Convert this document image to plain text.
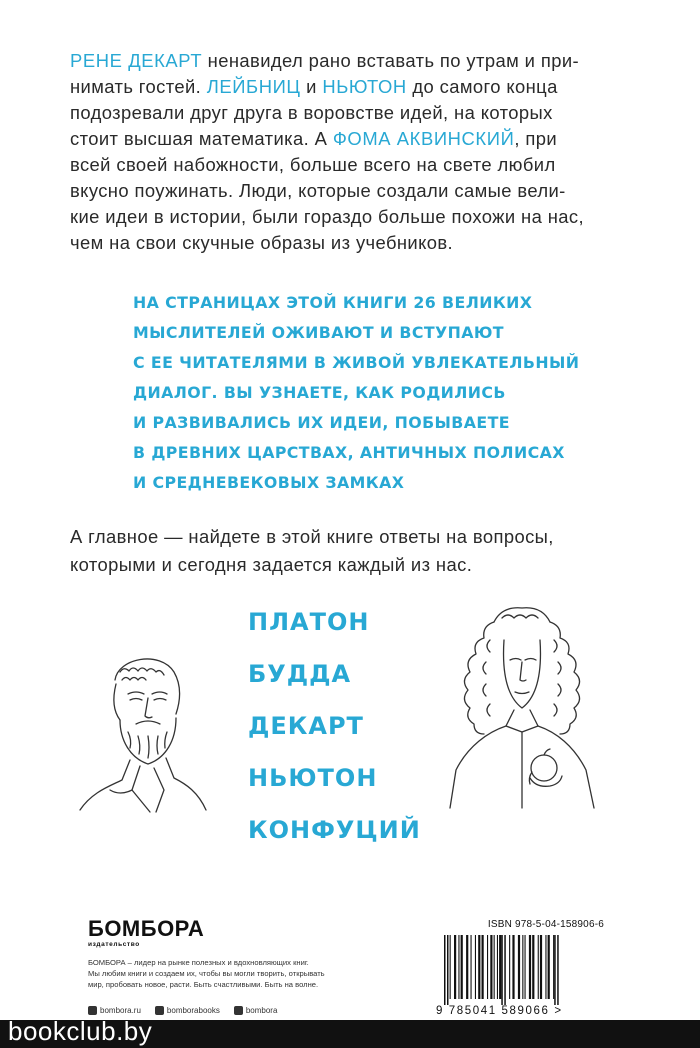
РЕНЕ ДЕКАРТ ненавидел рано вставать по утрам и при-
нимать гостей. ЛЕЙБНИЦ и НЬЮТОН до самого конца
подозревали друг друга в воровстве идей, на которых
стоит высшая математика. А ФОМА АКВИНСКИЙ, при
всей своей набожности, больше всего на свете любил
вкусно поужинать. Люди, которые создали самые вели-
кие идеи в истории, были гораздо больше похожи на нас,
чем на свои скучные образы из учебников.
НА СТРАНИЦАХ ЭТОЙ КНИГИ 26 ВЕЛИКИХ
МЫСЛИТЕЛЕЙ ОЖИВАЮТ И ВСТУПАЮТ
С ЕЕ ЧИТАТЕЛЯМИ В ЖИВОЙ УВЛЕКАТЕЛЬНЫЙ
ДИАЛОГ. ВЫ УЗНАЕТЕ, КАК РОДИЛИСЬ
И РАЗВИВАЛИСЬ ИХ ИДЕИ, ПОБЫВАЕТЕ
В ДРЕВНИХ ЦАРСТВАХ, АНТИЧНЫХ ПОЛИСАХ
И СРЕДНЕВЕКОВЫХ ЗАМКАХ
А главное — найдете в этой книге ответы на вопросы,
которыми и сегодня задается каждый из нас.
ПЛАТОН
БУДДА
ДЕКАРТ
НЬЮТОН
КОНФУЦИЙ
БОМБОРА
издательство
БОМБОРА – лидер на рынке полезных и вдохновляющих книг.
Мы любим книги и создаем их, чтобы вы могли творить, открывать
мир, пробовать новое, расти. Быть счастливыми. Быть на волне.
bombora.ru	bomborabooks	bombora
ISBN 978-5-04-158906-6
9 785041 589066 >
bookclub.by
